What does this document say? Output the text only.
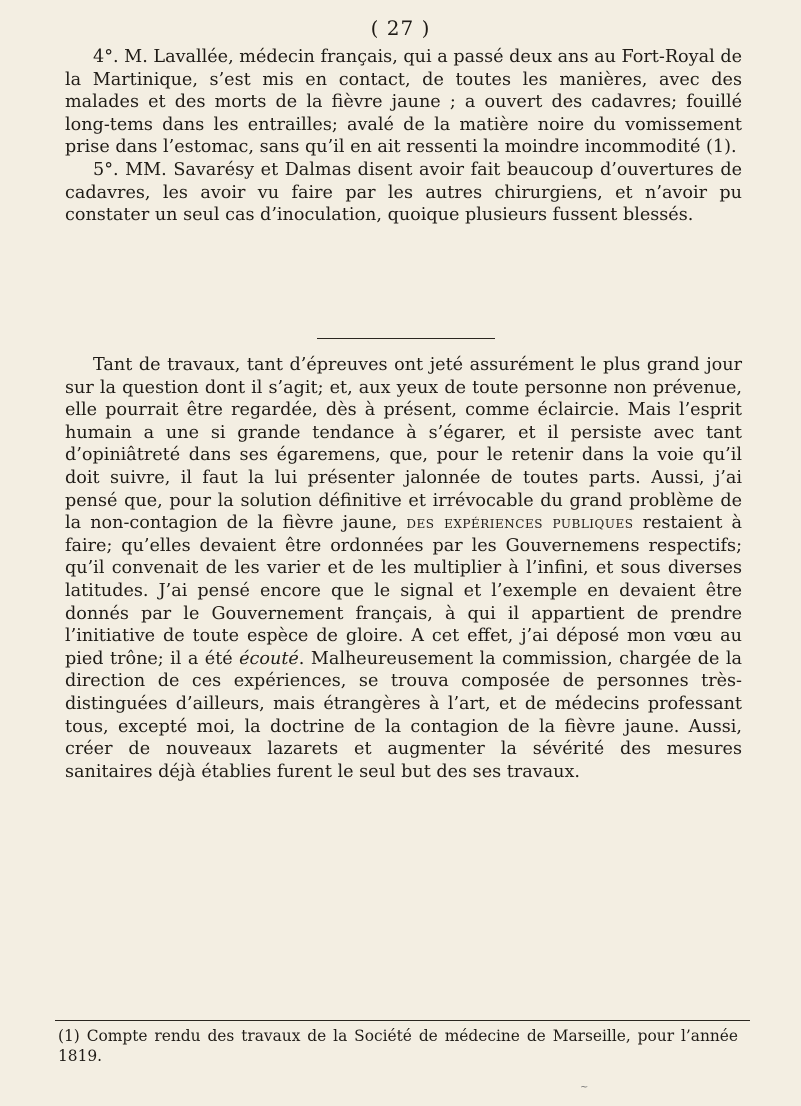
( 27 )

4°. M. Lavallée, médecin français, qui a passé deux ans au Fort-Royal de la Martinique, s’est mis en contact, de toutes les manières, avec des malades et des morts de la fièvre jaune ; a ouvert des cadavres; fouillé long-tems dans les entrailles; avalé de la matière noire du vomissement prise dans l’estomac, sans qu’il en ait ressenti la moindre incommodité (1).

5°. MM. Savarésy et Dalmas disent avoir fait beaucoup d’ouvertures de cadavres, les avoir vu faire par les autres chirurgiens, et n’avoir pu constater un seul cas d’inoculation, quoique plusieurs fussent blessés.

Tant de travaux, tant d’épreuves ont jeté assurément le plus grand jour sur la question dont il s’agit; et, aux yeux de toute personne non prévenue, elle pourrait être regardée, dès à présent, comme éclaircie. Mais l’esprit humain a une si grande tendance à s’égarer, et il persiste avec tant d’opiniâtreté dans ses égaremens, que, pour le retenir dans la voie qu’il doit suivre, il faut la lui présenter jalonnée de toutes parts. Aussi, j’ai pensé que, pour la solution définitive et irrévocable du grand problème de la non-contagion de la fièvre jaune, des expériences publiques restaient à faire; qu’elles devaient être ordonnées par les Gouvernemens respectifs; qu’il convenait de les varier et de les multiplier à l’infini, et sous diverses latitudes. J’ai pensé encore que le signal et l’exemple en devaient être donnés par le Gouvernement français, à qui il appartient de prendre l’initiative de toute espèce de gloire. A cet effet, j’ai déposé mon vœu au pied trône; il a été écouté. Malheureusement la commission, chargée de la direction de ces expériences, se trouva composée de personnes très-distinguées d’ailleurs, mais étrangères à l’art, et de médecins professant tous, excepté moi, la doctrine de la contagion de la fièvre jaune. Aussi, créer de nouveaux lazarets et augmenter la sévérité des mesures sanitaires déjà établies furent le seul but des ses travaux.

(1) Compte rendu des travaux de la Société de médecine de Marseille, pour l’année 1819.

~
